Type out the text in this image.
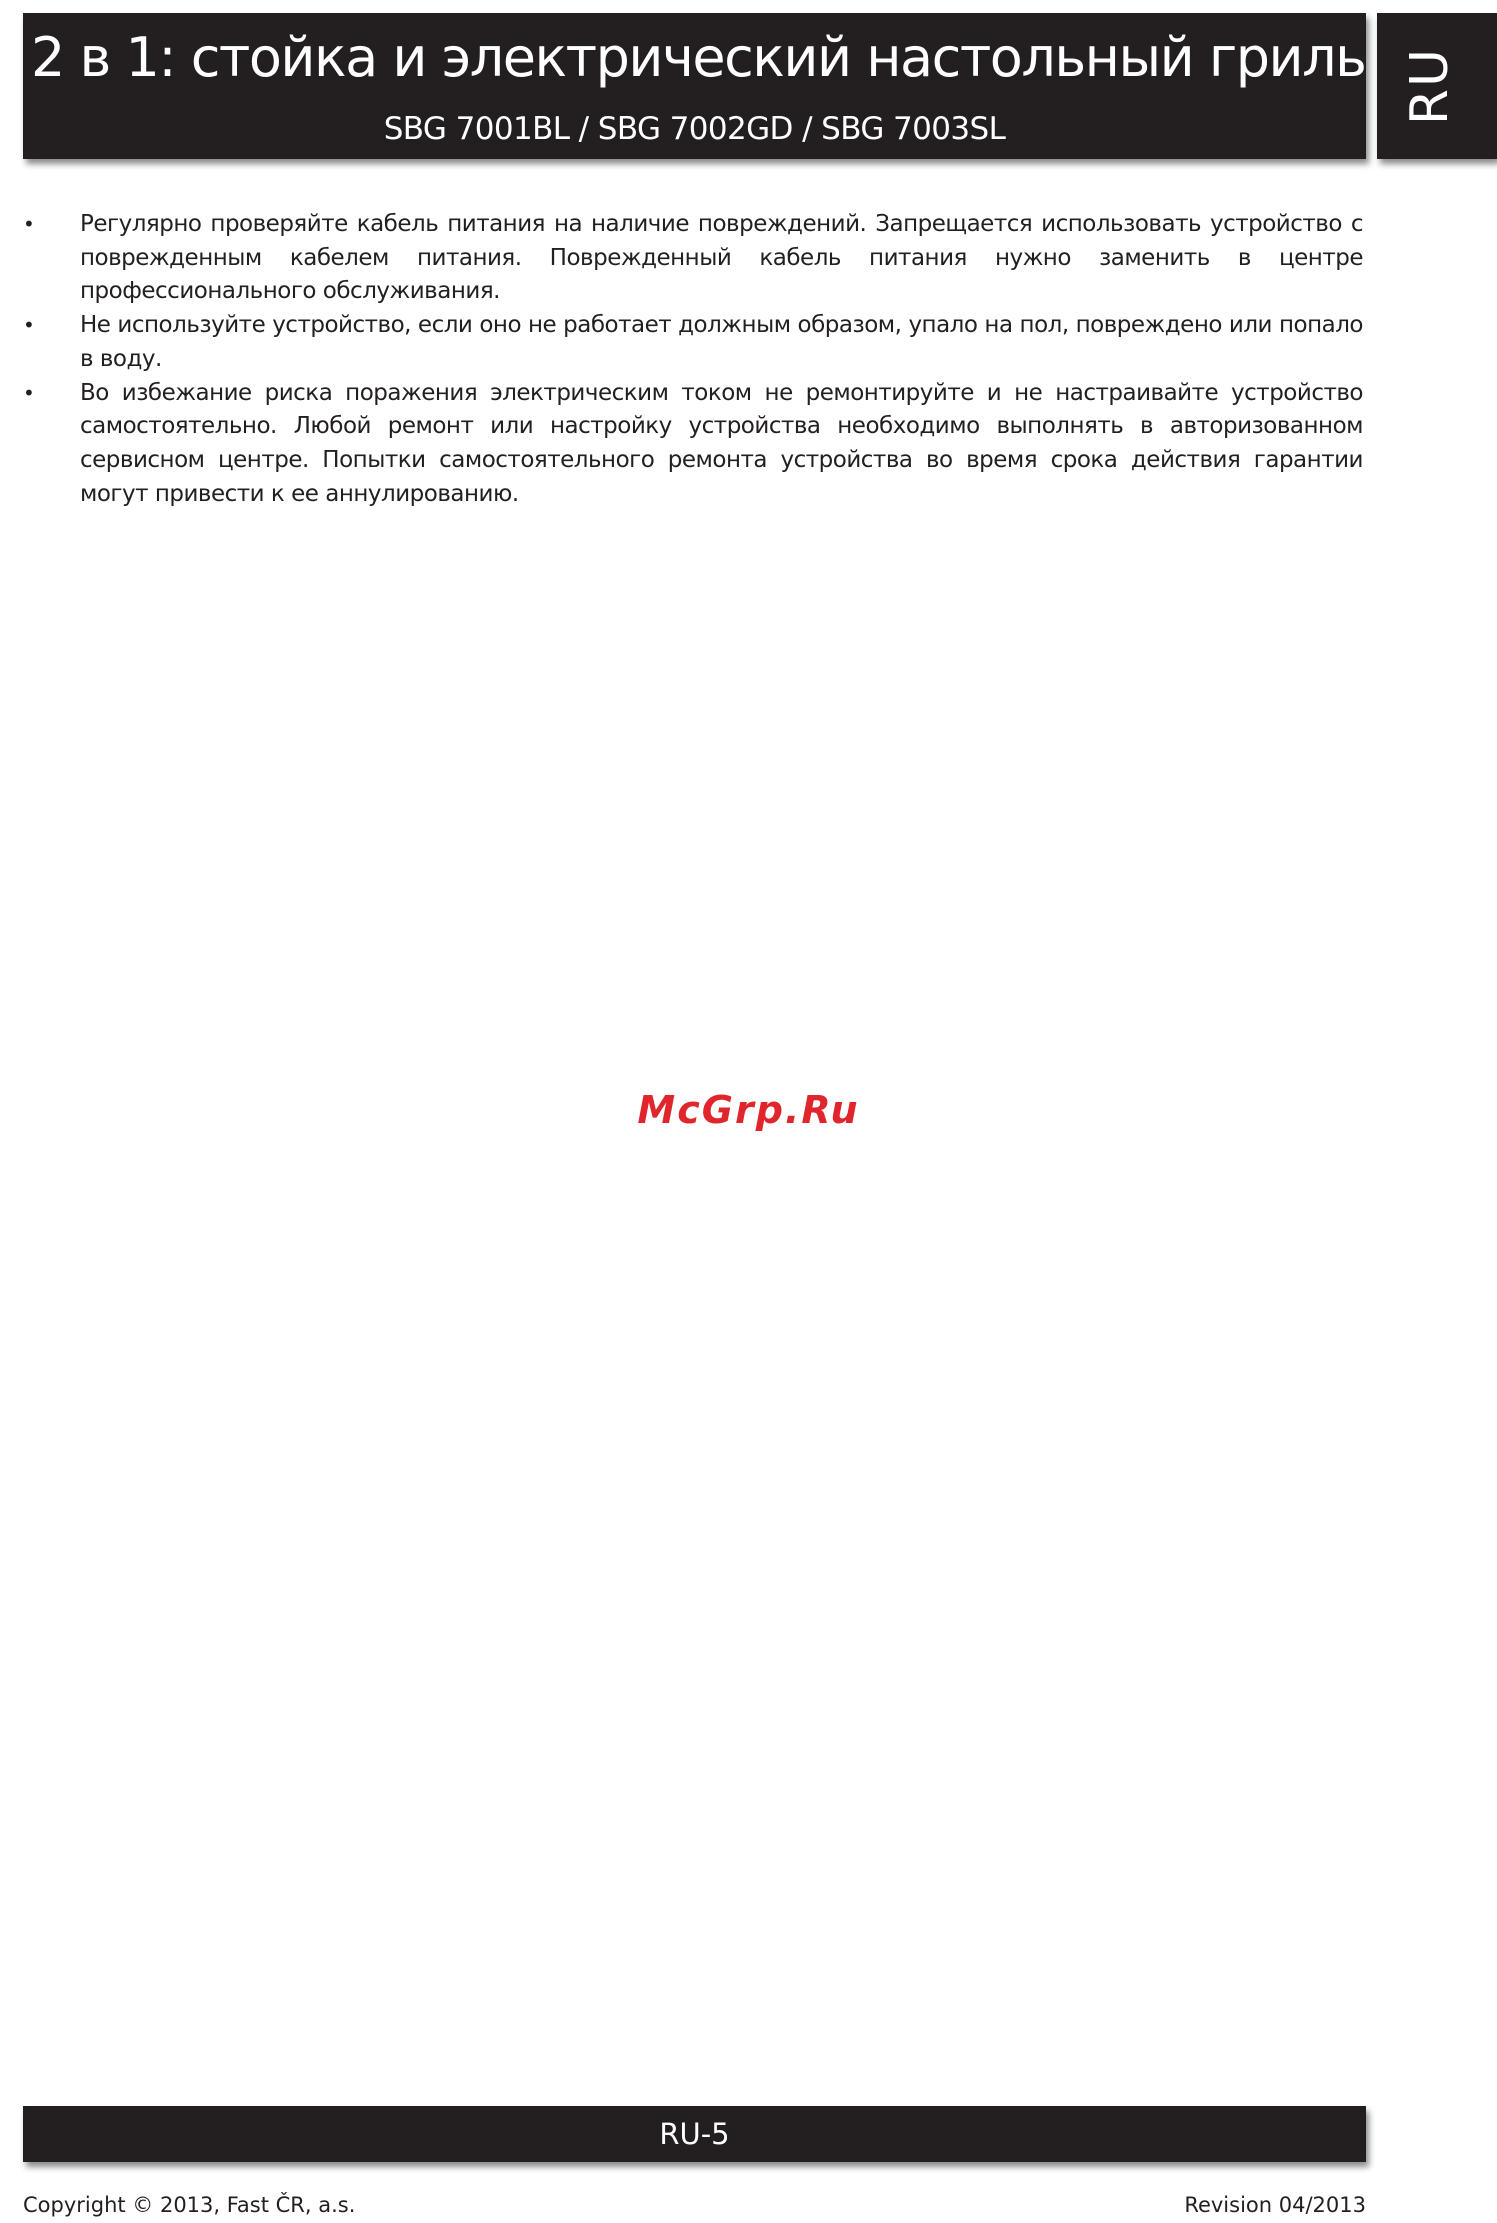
2 в 1: стойка и электрический настольный гриль
SBG 7001BL / SBG 7002GD / SBG 7003SL
RU
• Регулярно проверяйте кабель питания на наличие повреждений. Запрещается использовать устройство с поврежденным кабелем питания. Поврежденный кабель питания нужно заменить в центре профессионального обслуживания.
• Не используйте устройство, если оно не работает должным образом, упало на пол, повреждено или попало в воду.
• Во избежание риска поражения электрическим током не ремонтируйте и не настраивайте устройство самостоятельно. Любой ремонт или настройку устройства необходимо выполнять в авторизованном сервисном центре. Попытки самостоятельного ремонта устройства во время срока действия гарантии могут привести к ее аннулированию.
McGrp.Ru
RU-5
Copyright © 2013, Fast ČR, a.s.	Revision 04/2013
